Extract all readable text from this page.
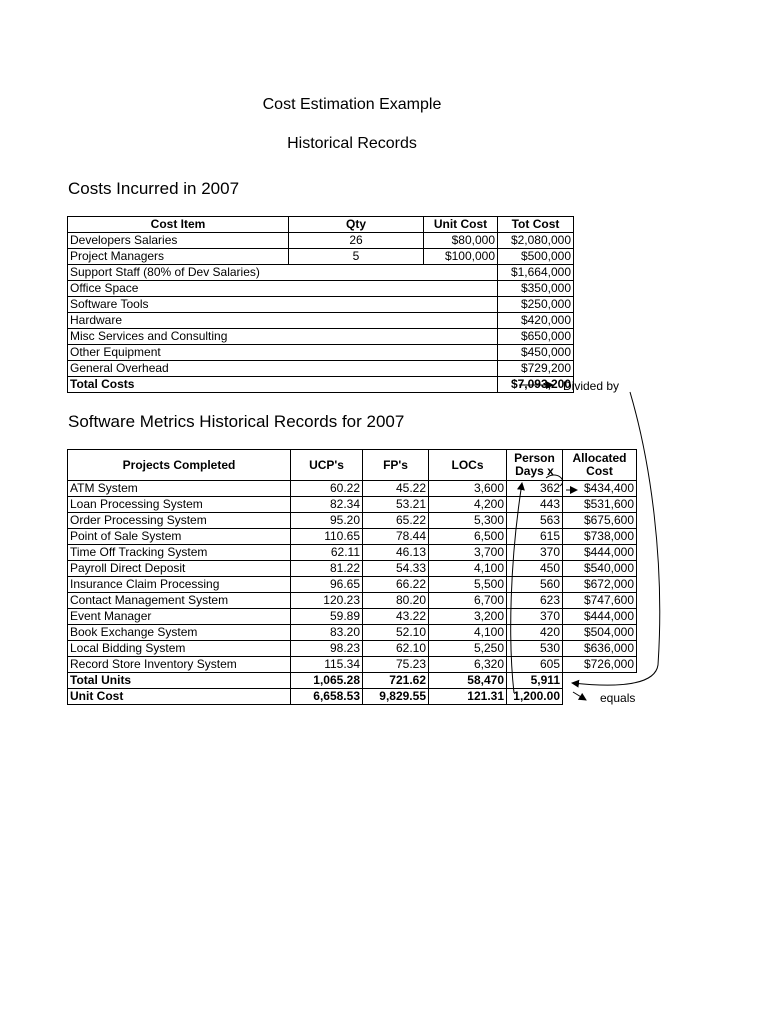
Cost Estimation Example
Historical Records
Costs Incurred in 2007
Cost Item	Qty	Unit Cost	Tot Cost
Developers Salaries	26	$80,000	$2,080,000
Project Managers	5	$100,000	$500,000
Support Staff (80% of Dev Salaries)			$1,664,000
Office Space			$350,000
Software Tools			$250,000
Hardware			$420,000
Misc Services and Consulting			$650,000
Other Equipment			$450,000
General Overhead			$729,200
Total Costs			$7,093,200
Divided by
Software Metrics Historical Records for 2007
Projects Completed	UCP's	FP's	LOCs	Person Days x	Allocated Cost
ATM System	60.22	45.22	3,600	362	$434,400
Loan Processing System	82.34	53.21	4,200	443	$531,600
Order Processing System	95.20	65.22	5,300	563	$675,600
Point of Sale System	110.65	78.44	6,500	615	$738,000
Time Off Tracking System	62.11	46.13	3,700	370	$444,000
Payroll Direct Deposit	81.22	54.33	4,100	450	$540,000
Insurance Claim Processing	96.65	66.22	5,500	560	$672,000
Contact Management System	120.23	80.20	6,700	623	$747,600
Event Manager	59.89	43.22	3,200	370	$444,000
Book Exchange System	83.20	52.10	4,100	420	$504,000
Local Bidding System	98.23	62.10	5,250	530	$636,000
Record Store Inventory System	115.34	75.23	6,320	605	$726,000
Total Units	1,065.28	721.62	58,470	5,911	
Unit Cost	6,658.53	9,829.55	121.31	1,200.00		equals
